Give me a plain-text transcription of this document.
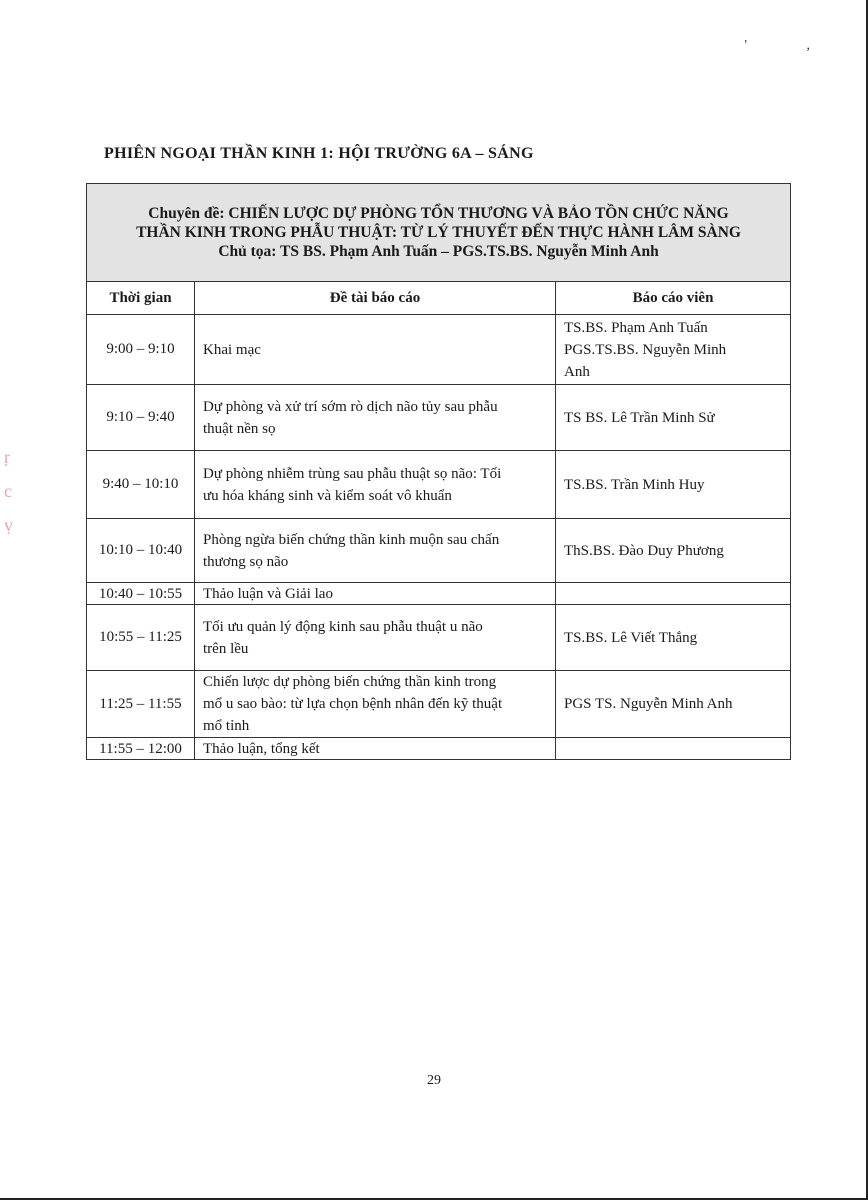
' ,
ṛ
c
ṿ
PHIÊN NGOẠI THẦN KINH 1: HỘI TRƯỜNG 6A – SÁNG
Chuyên đề: CHIẾN LƯỢC DỰ PHÒNG TỔN THƯƠNG VÀ BẢO TỒN CHỨC NĂNG
THẦN KINH TRONG PHẪU THUẬT: TỪ LÝ THUYẾT ĐẾN THỰC HÀNH LÂM SÀNG
Chủ tọa: TS BS. Phạm Anh Tuấn – PGS.TS.BS. Nguyễn Minh Anh		

Thời gian	Đề tài báo cáo	Báo cáo viên
9:00 – 9:10	Khai mạc	TS.BS. Phạm Anh Tuấn
PGS.TS.BS. Nguyễn Minh
Anh
9:10 – 9:40	Dự phòng và xử trí sớm rò dịch não tủy sau phẫu
thuật nền sọ	TS BS. Lê Trần Minh Sử
9:40 – 10:10	Dự phòng nhiễm trùng sau phẫu thuật sọ não: Tối
ưu hóa kháng sinh và kiểm soát vô khuẩn	TS.BS. Trần Minh Huy
10:10 – 10:40	Phòng ngừa biến chứng thần kinh muộn sau chấn
thương sọ não	ThS.BS. Đào Duy Phương
10:40 – 10:55	Thảo luận và Giải lao	
10:55 – 11:25	Tối ưu quản lý động kinh sau phẫu thuật u não
trên lều	TS.BS. Lê Viết Thắng
11:25 – 11:55	Chiến lược dự phòng biến chứng thần kinh trong
mổ u sao bào: từ lựa chọn bệnh nhân đến kỹ thuật
mổ tỉnh	PGS TS. Nguyễn Minh Anh
11:55 – 12:00	Thảo luận, tổng kết	
29
